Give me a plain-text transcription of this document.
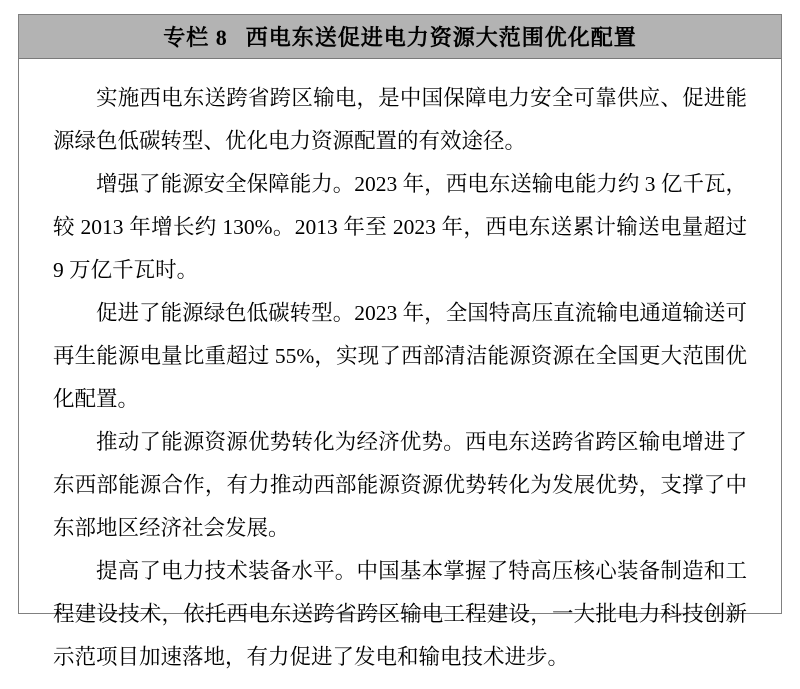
专栏 8 西电东送促进电力资源大范围优化配置

实施西电东送跨省跨区输电，是中国保障电力安全可靠供应、促进能源绿色低碳转型、优化电力资源配置的有效途径。

增强了能源安全保障能力。2023 年，西电东送输电能力约 3 亿千瓦，较 2013 年增长约 130%。2013 年至 2023 年，西电东送累计输送电量超过 9 万亿千瓦时。

促进了能源绿色低碳转型。2023 年，全国特高压直流输电通道输送可再生能源电量比重超过 55%，实现了西部清洁能源资源在全国更大范围优化配置。

推动了能源资源优势转化为经济优势。西电东送跨省跨区输电增进了东西部能源合作，有力推动西部能源资源优势转化为发展优势，支撑了中东部地区经济社会发展。

提高了电力技术装备水平。中国基本掌握了特高压核心装备制造和工程建设技术，依托西电东送跨省跨区输电工程建设，一大批电力科技创新示范项目加速落地，有力促进了发电和输电技术进步。
